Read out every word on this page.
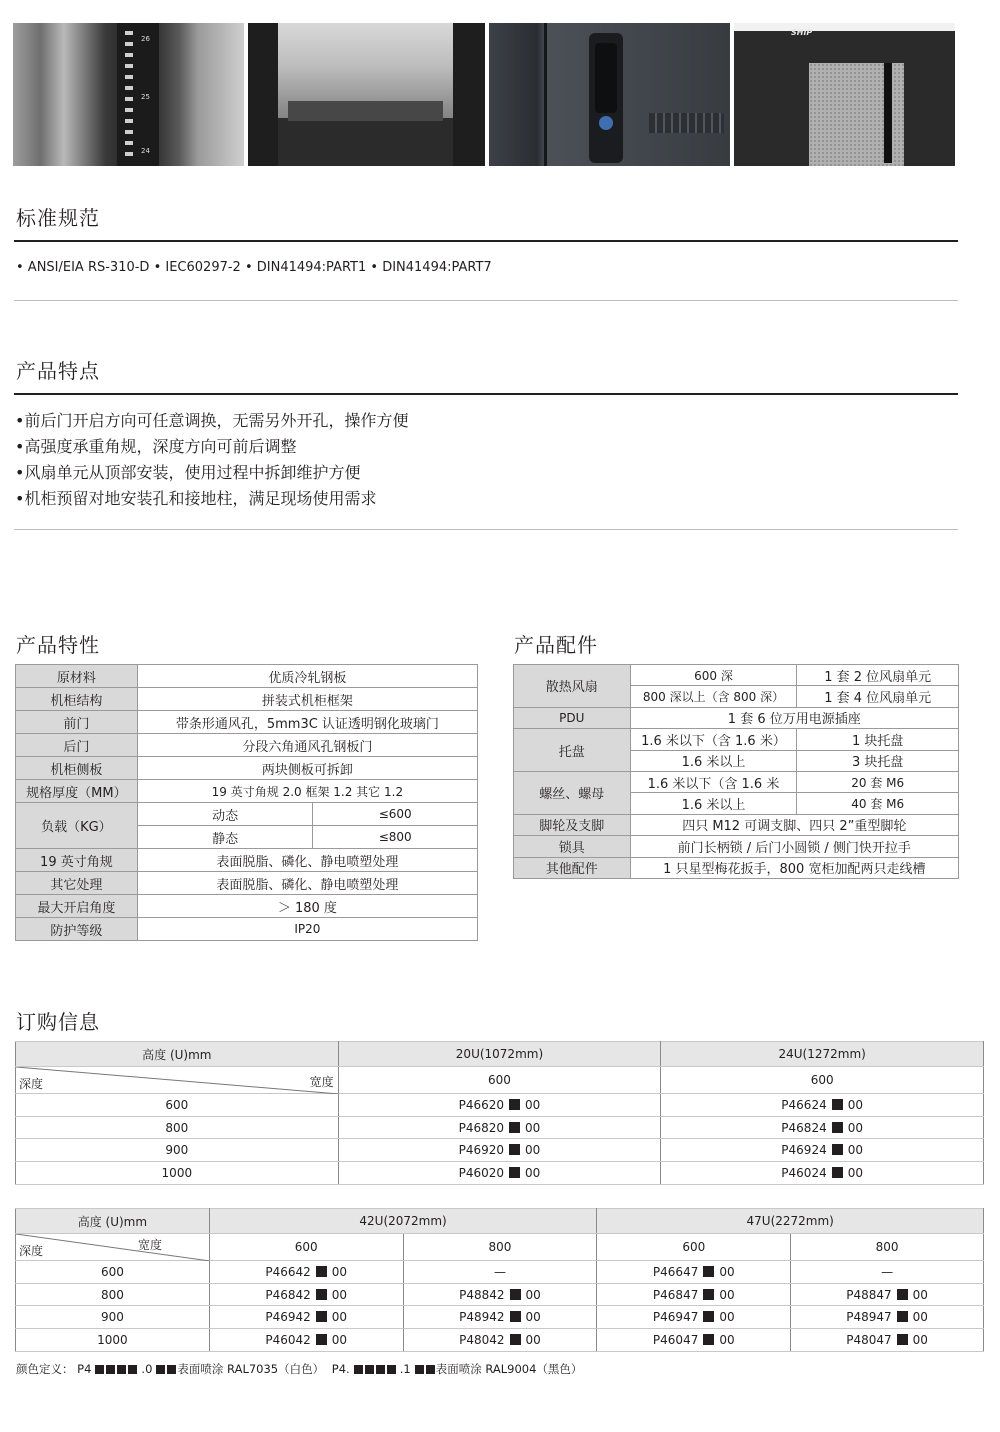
26
25
24
SHIP
标准规范
• ANSI/EIA RS-310-D • IEC60297-2 • DIN41494:PART1 • DIN41494:PART7
产品特点
•前后门开启方向可任意调换，无需另外开孔，操作方便
•高强度承重角规，深度方向可前后调整
•风扇单元从顶部安装，使用过程中拆卸维护方便
•机柜预留对地安装孔和接地柱，满足现场使用需求
产品特性
原材料	优质冷轧钢板	
机柜结构	拼装式机柜框架	
前门	带条形通风孔，5mm3C 认证透明钢化玻璃门	
后门	分段六角通风孔钢板门	
机柜侧板	两块侧板可拆卸	
规格厚度（MM）	19 英寸角规 2.0 框架 1.2 其它 1.2	
负载（KG）	动态	≤600
	静态	≤800
19 英寸角规	表面脱脂、磷化、静电喷塑处理	
其它处理	表面脱脂、磷化、静电喷塑处理	
最大开启角度	＞ 180 度	
防护等级	IP20	
产品配件
散热风扇	600 深	1 套 2 位风扇单元
	800 深以上（含 800 深）	1 套 4 位风扇单元
PDU	1 套 6 位万用电源插座	
托盘	1.6 米以下（含 1.6 米）	1 块托盘
	1.6 米以上	3 块托盘
螺丝、螺母	1.6 米以下（含 1.6 米	20 套 M6
	1.6 米以上	40 套 M6
脚轮及支脚	四只 M12 可调支脚、四只 2”重型脚轮	
锁具	前门长柄锁 / 后门小圆锁 / 侧门快开拉手	
其他配件	1 只星型梅花扳手，800 宽柜加配两只走线槽	
订购信息
高度 (U)mm	20U(1072mm)	24U(1272mm)

深度 宽度	600	600
600	P46620 00	P46624 00
800	P46820 00	P46824 00
900	P46920 00	P46924 00
1000	P46020 00	P46024 00
高度 (U)mm	42U(2072mm)		47U(2272mm)	

深度 宽度	600	800	600	800
600	P46642 00	—	P46647 00	—
800	P46842 00	P48842 00	P46847 00	P48847 00
900	P46942 00	P48942 00	P46947 00	P48947 00
1000	P46042 00	P48042 00	P46047 00	P48047 00
颜色定义： P4	.0 表面喷涂 RAL7035（白色） P4.	.1 表面喷涂 RAL9004（黑色）
